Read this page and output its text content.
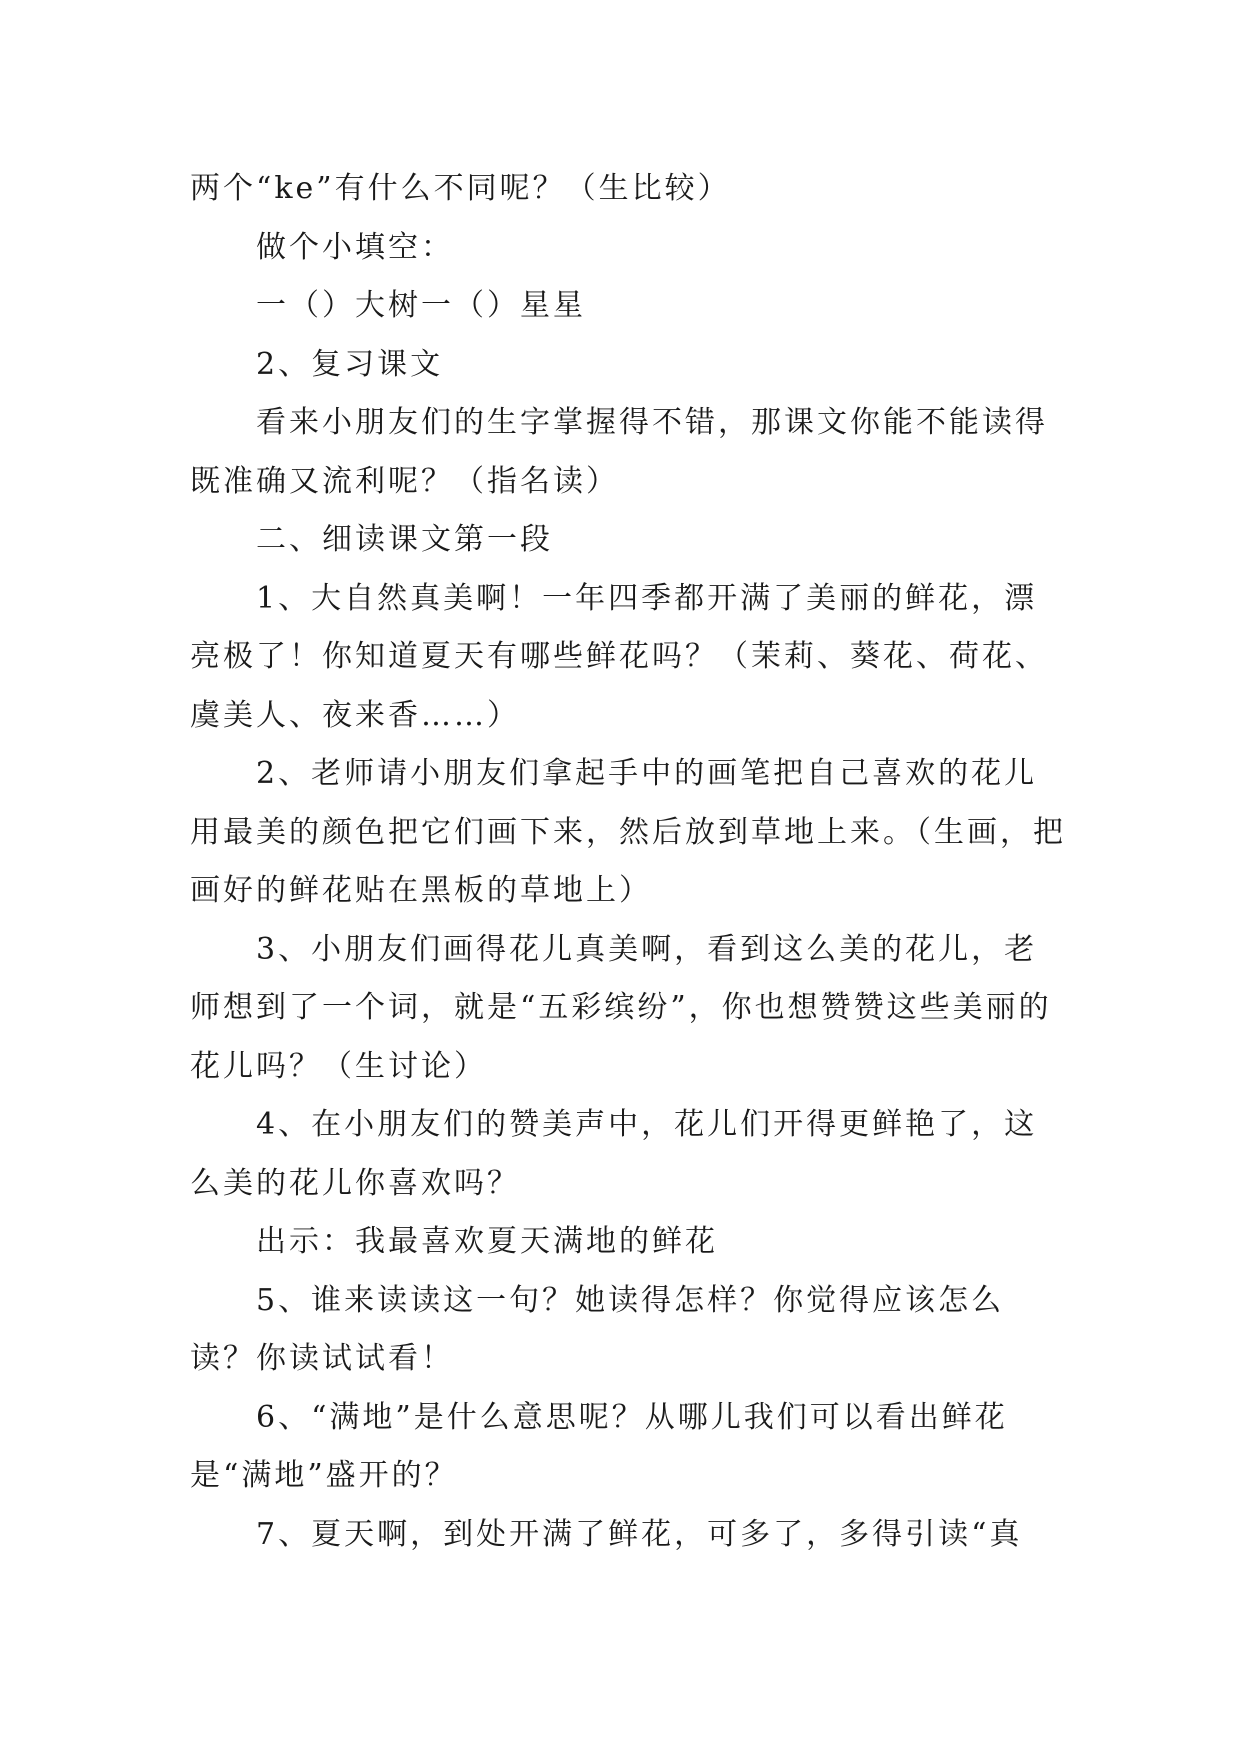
两个“ke”有什么不同呢？（生比较）

做个小填空：

一（）大树一（）星星

2、复习课文

看来小朋友们的生字掌握得不错，那课文你能不能读得既准确又流利呢？（指名读）

二、细读课文第一段

1、大自然真美啊！一年四季都开满了美丽的鲜花，漂亮极了！你知道夏天有哪些鲜花吗？（茉莉、葵花、荷花、虞美人、夜来香……）

2、老师请小朋友们拿起手中的画笔把自己喜欢的花儿用最美的颜色把它们画下来，然后放到草地上来。（生画，把画好的鲜花贴在黑板的草地上）

3、小朋友们画得花儿真美啊，看到这么美的花儿，老师想到了一个词，就是“五彩缤纷”，你也想赞赞这些美丽的花儿吗？（生讨论）

4、在小朋友们的赞美声中，花儿们开得更鲜艳了，这么美的花儿你喜欢吗？

出示：我最喜欢夏天满地的鲜花

5、谁来读读这一句？她读得怎样？你觉得应该怎么读？你读试试看！

6、“满地”是什么意思呢？从哪儿我们可以看出鲜花是“满地”盛开的？

7、夏天啊，到处开满了鲜花，可多了，多得引读“真
